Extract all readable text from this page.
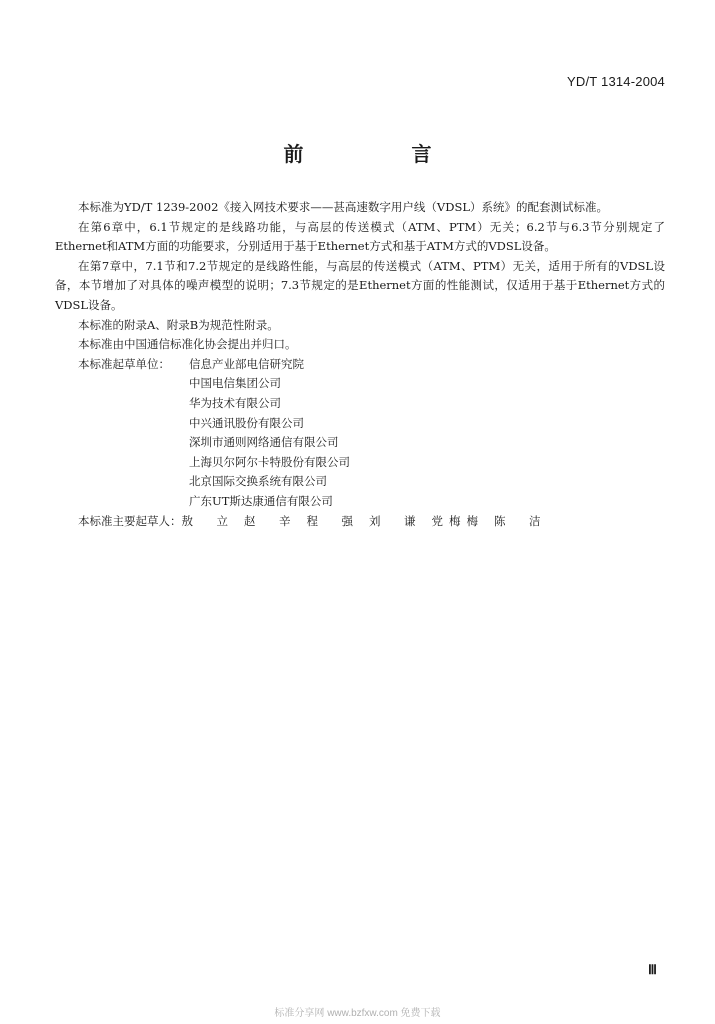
YD/T 1314-2004
前　言

本标准为YD/T 1239-2002《接入网技术要求——甚高速数字用户线（VDSL）系统》的配套测试标准。

在第6章中，6.1节规定的是线路功能，与高层的传送模式（ATM、PTM）无关；6.2节与6.3节分别规定了Ethernet和ATM方面的功能要求，分别适用于基于Ethernet方式和基于ATM方式的VDSL设备。

在第7章中，7.1节和7.2节规定的是线路性能，与高层的传送模式（ATM、PTM）无关，适用于所有的VDSL设备，本节增加了对具体的噪声模型的说明；7.3节规定的是Ethernet方面的性能测试，仅适用于基于Ethernet方式的VDSL设备。

本标准的附录A、附录B为规范性附录。

本标准由中国通信标准化协会提出并归口。

本标准起草单位：	信息产业部电信研究院
中国电信集团公司
华为技术有限公司
中兴通讯股份有限公司
深圳市通则网络通信有限公司
上海贝尔阿尔卡特股份有限公司
北京国际交换系统有限公司
广东UT斯达康通信有限公司
本标准主要起草人：敖　立 赵　辛 程　强 刘　谦 党梅梅 陈　洁
Ⅲ
标准分享网 www.bzfxw.com 免费下载
